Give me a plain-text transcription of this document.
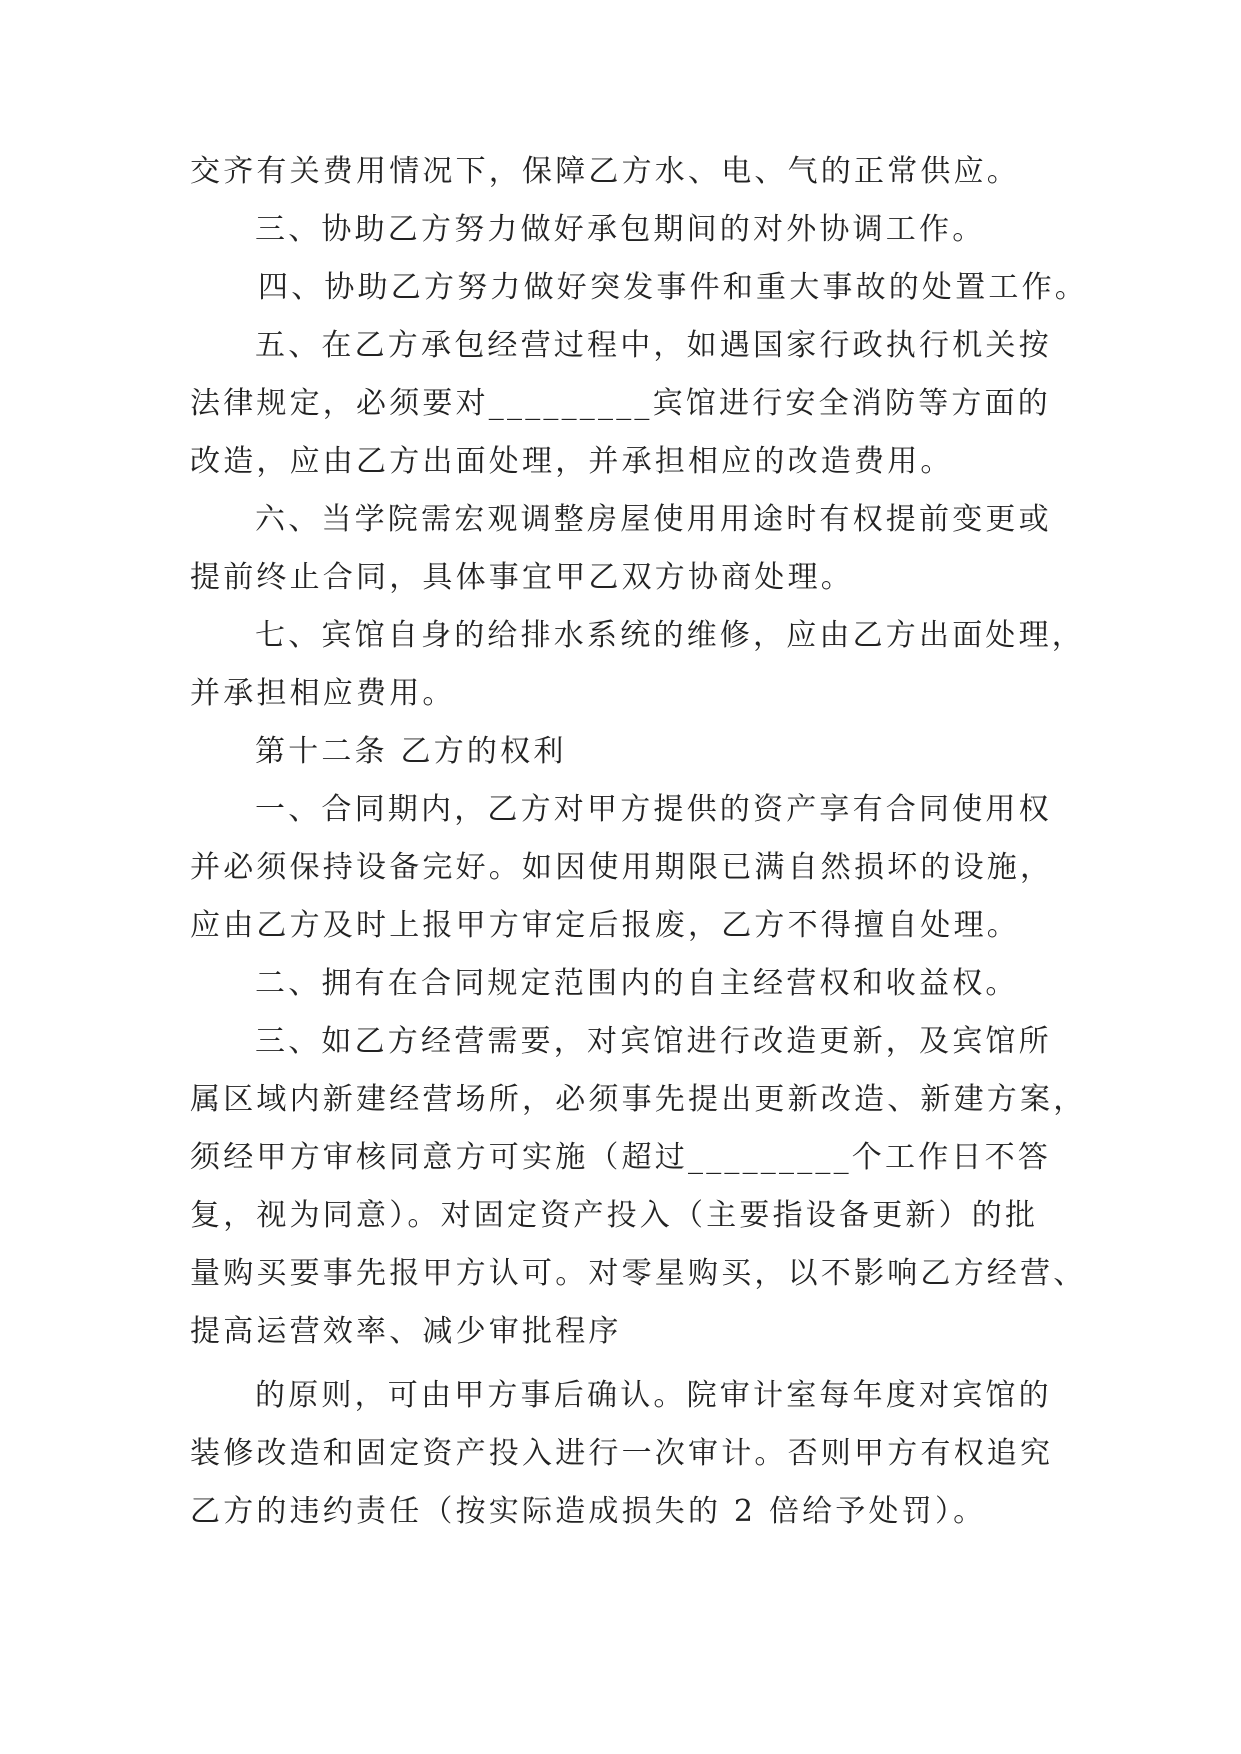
交齐有关费用情况下，保障乙方水、电、气的正常供应。
三、协助乙方努力做好承包期间的对外协调工作。
四、协助乙方努力做好突发事件和重大事故的处置工作。
五、在乙方承包经营过程中，如遇国家行政执行机关按
法律规定，必须要对_________宾馆进行安全消防等方面的
改造，应由乙方出面处理，并承担相应的改造费用。
六、当学院需宏观调整房屋使用用途时有权提前变更或
提前终止合同，具体事宜甲乙双方协商处理。
七、宾馆自身的给排水系统的维修，应由乙方出面处理，
并承担相应费用。
第十二条 乙方的权利
一、合同期内，乙方对甲方提供的资产享有合同使用权
并必须保持设备完好。如因使用期限已满自然损坏的设施，
应由乙方及时上报甲方审定后报废，乙方不得擅自处理。
二、拥有在合同规定范围内的自主经营权和收益权。
三、如乙方经营需要，对宾馆进行改造更新，及宾馆所
属区域内新建经营场所，必须事先提出更新改造、新建方案，
须经甲方审核同意方可实施（超过_________个工作日不答
复，视为同意）。对固定资产投入（主要指设备更新）的批
量购买要事先报甲方认可。对零星购买，以不影响乙方经营、
提高运营效率、减少审批程序
的原则，可由甲方事后确认。院审计室每年度对宾馆的
装修改造和固定资产投入进行一次审计。否则甲方有权追究
乙方的违约责任（按实际造成损失的 2 倍给予处罚）。
